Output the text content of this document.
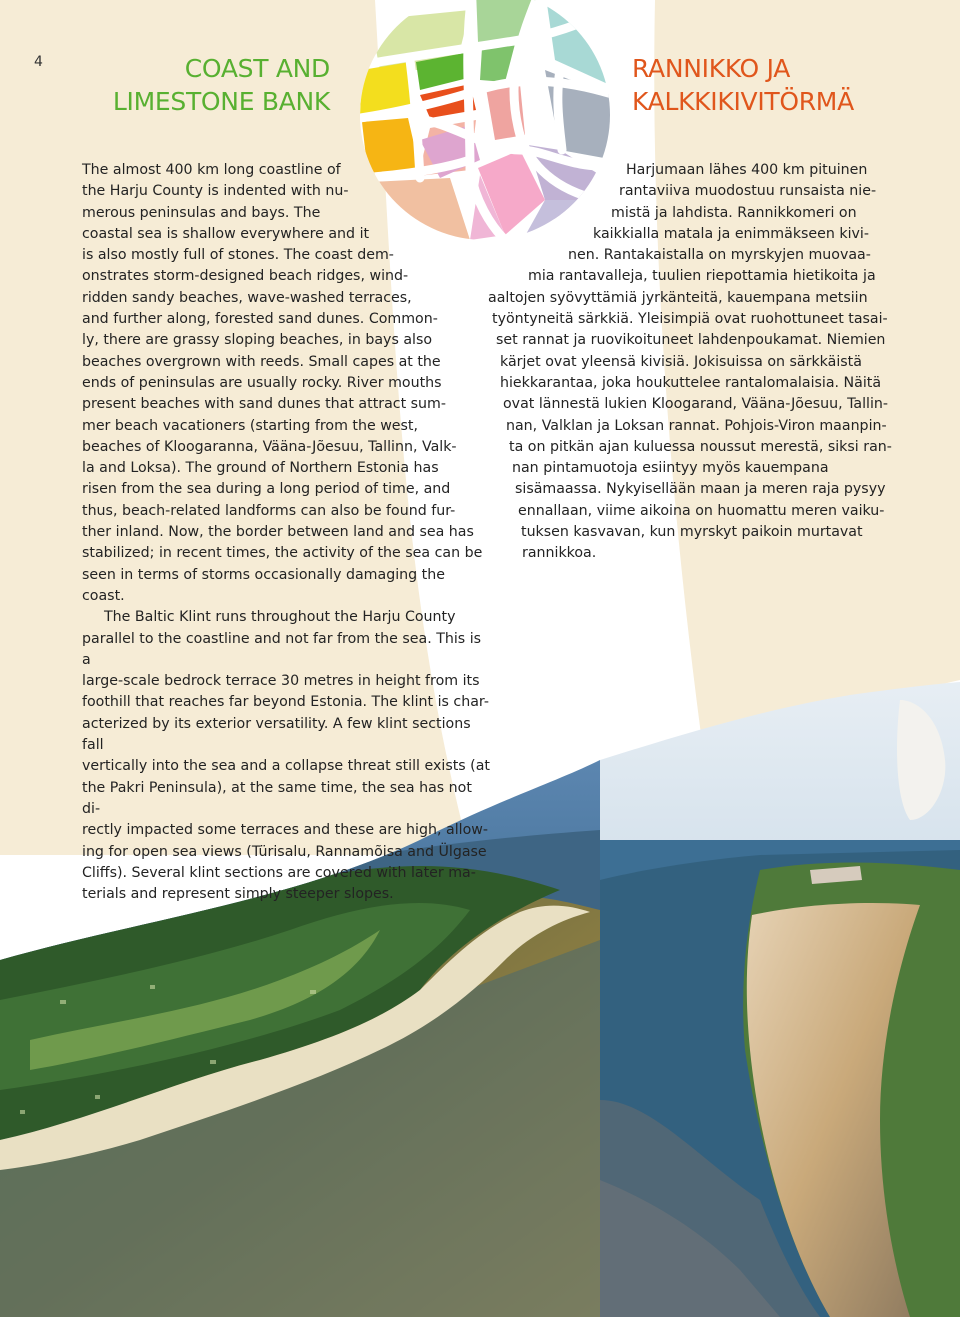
4	COAST AND
LIMESTONE BANK
RANNIKKO JA
KALKKIKIVITÖRMÄ
The almost 400 km long coastline of
the Harju County is indented with nu-
merous peninsulas and bays. The
coastal sea is shallow everywhere and it
is also mostly full of stones. The coast dem-
onstrates storm-designed beach ridges, wind-
ridden sandy beaches, wave-washed terraces,
and further along, forested sand dunes. Common-
ly, there are grassy sloping beaches, in bays also
beaches overgrown with reeds. Small capes at the
ends of peninsulas are usually rocky. River mouths
present beaches with sand dunes that attract sum-
mer beach vacationers (starting from the west,
beaches of Kloogaranna, Vääna-Jõesuu, Tallinn, Valk-
la and Loksa). The ground of Northern Estonia has
risen from the sea during a long period of time, and
thus, beach-related landforms can also be found fur-
ther inland. Now, the border between land and sea has
stabilized; in recent times, the activity of the sea can be
seen in terms of storms occasionally damaging the
coast.
The Baltic Klint runs throughout the Harju County
parallel to the coastline and not far from the sea. This is a
large-scale bedrock terrace 30 metres in height from its
foothill that reaches far beyond Estonia. The klint is char-
acterized by its exterior versatility. A few klint sections fall
vertically into the sea and a collapse threat still exists (at
the Pakri Peninsula), at the same time, the sea has not di-
rectly impacted some terraces and these are high, allow-
ing for open sea views (Türisalu, Rannamõisa and Ülgase
Cliffs). Several klint sections are covered with later ma-
terials and represent simply steeper slopes.
Harjumaan lähes 400 km pituinen
rantaviiva muodostuu runsaista nie-
mistä ja lahdista. Rannikkomeri on
kaikkialla matala ja enimmäkseen kivi-
nen. Rantakaistalla on myrskyjen muovaa-
mia rantavalleja, tuulien riepottamia hietikoita ja
aaltojen syövyttämiä jyrkänteitä, kauempana metsiin
työntyneitä särkkiä. Yleisimpiä ovat ruohottuneet tasai-
set rannat ja ruovikoituneet lahdenpoukamat. Niemien
kärjet ovat yleensä kivisiä. Jokisuissa on särkkäistä
hiekkarantaa, joka houkuttelee rantalomalaisia. Näitä
ovat lännestä lukien Kloogarand, Vääna-Jõesuu, Tallin-
nan, Valklan ja Loksan rannat. Pohjois-Viron maanpin-
ta on pitkän ajan kuluessa noussut merestä, siksi ran-
nan pintamuotoja esiintyy myös kauempana
sisämaassa. Nykyisellään maan ja meren raja pysyy
ennallaan, viime aikoina on huomattu meren vaiku-
tuksen kasvavan, kun myrskyt paikoin murtavat
rannikkoa.
